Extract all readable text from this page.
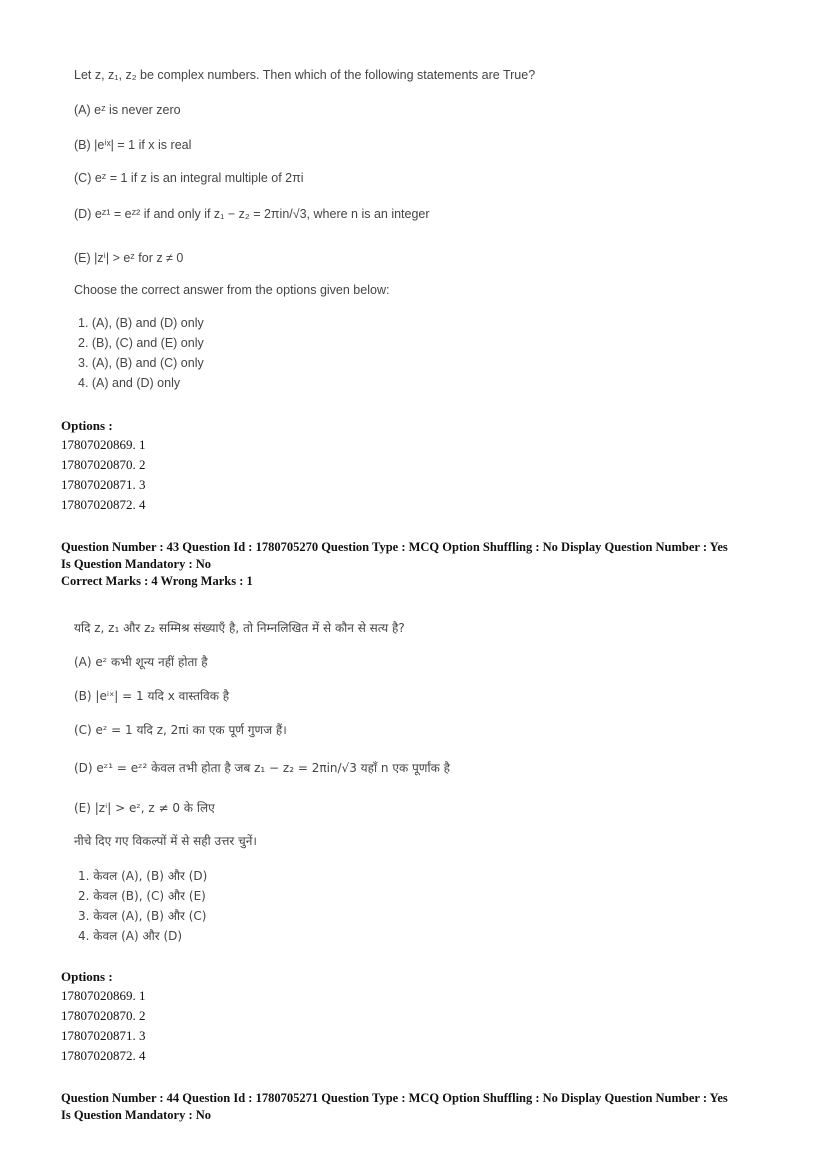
Let z, z₁, z₂ be complex numbers. Then which of the following statements are True?
(A) eᶻ is never zero
(B) |eⁱˣ| = 1 if x is real
(C) eᶻ = 1 if z is an integral multiple of 2πi
(D) eᶻ¹ = eᶻ² if and only if z₁ − z₂ = 2πin/√3, where n is an integer
(E) |zⁱ| > eᶻ for z ≠ 0
Choose the correct answer from the options given below:
1. (A), (B) and (D) only
2. (B), (C) and (E) only
3. (A), (B) and (C) only
4. (A) and (D) only
Options :
17807020869. 1
17807020870. 2
17807020871. 3
17807020872. 4
Question Number : 43 Question Id : 1780705270 Question Type : MCQ Option Shuffling : No Display Question Number : Yes
Is Question Mandatory : No
Correct Marks : 4 Wrong Marks : 1
यदि z, z₁ और z₂ सम्मिश्र संख्याएँ है, तो निम्नलिखित में से कौन से सत्य है?
(A) eᶻ कभी शून्य नहीं होता है
(B) |eⁱˣ| = 1 यदि x वास्तविक है
(C) eᶻ = 1 यदि z, 2πi का एक पूर्ण गुणज हैं।
(D) eᶻ¹ = eᶻ² केवल तभी होता है जब z₁ − z₂ = 2πin/√3 यहाँ n एक पूर्णांक है
(E) |zⁱ| > eᶻ, z ≠ 0 के लिए
नीचे दिए गए विकल्पों में से सही उत्तर चुनें।
1. केवल (A), (B) और (D)
2. केवल (B), (C) और (E)
3. केवल (A), (B) और (C)
4. केवल (A) और (D)
Options :
17807020869. 1
17807020870. 2
17807020871. 3
17807020872. 4
Question Number : 44 Question Id : 1780705271 Question Type : MCQ Option Shuffling : No Display Question Number : Yes
Is Question Mandatory : No
